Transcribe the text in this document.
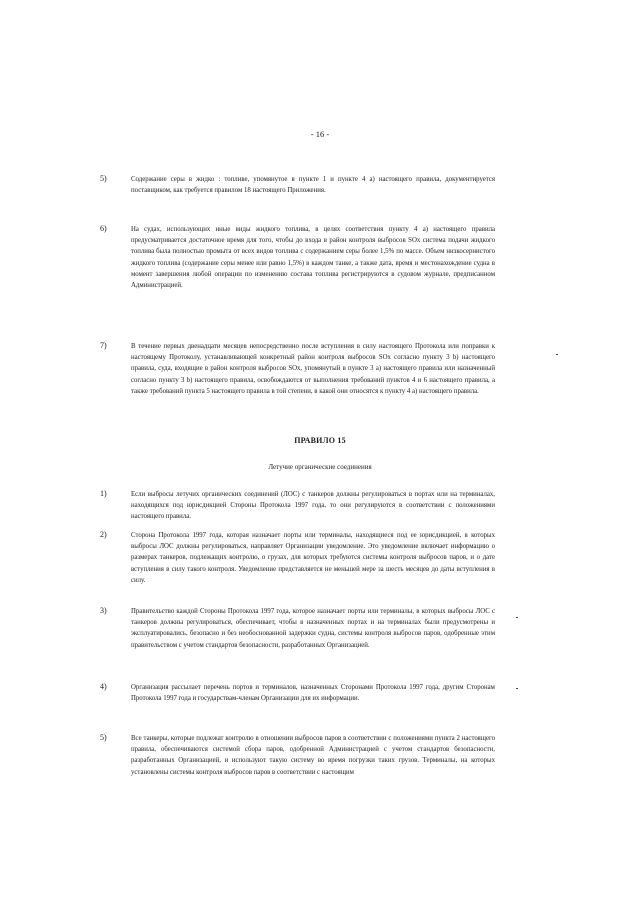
- 16 -
5)	Содержание серы в жидко : топливе, упомянутое в пункте 1 и пункте 4 а) настоящего правила, документируется поставщиком, как требуется правилом 18 настоящего Приложения.

6)	На судах, использующих иные виды жидкого топлива, в целях соответствия пункту 4 а) настоящего правила предусматривается достаточное время для того, чтобы до входа в район контроля выбросов SOx система подачи жидкого топлива была полностью промыта от всех видов топлива с содержанием серы более 1,5% по массе. Объем низкосернистого жидкого топлива (содержание серы менее или равно 1,5%) в каждом танке, а также дата, время и местонахождение судна в момент завершения любой операции по изменению состава топлива регистрируются в судовом журнале, предписанном Администрацией.

7)	В течение первых двенадцати месяцев непосредственно после вступления в силу настоящего Протокола или поправки к настоящему Протоколу, устанавливающей конкретный район контроля выбросов SOx согласно пункту 3 b) настоящего правила, суда, входящие в район контроля выбросов SOx, упомянутый в пункте 3 а) настоящего правила или назначенный согласно пункту 3 b) настоящего правила, освобождаются от выполнения требований пунктов 4 и 6 настоящего правила, а также требований пункта 5 настоящего правила в той степени, в какой они относятся к пункту 4 а) настоящего правила.

ПРАВИЛО 15
Летучие органические соединения
1)	Если выбросы летучих органических соединений (ЛОС) с танкеров должны регулироваться в портах или на терминалах, находящихся под юрисдикцией Стороны Протокола 1997 года, то они регулируются в соответствии с положениями настоящего правила.

2)	Сторона Протокола 1997 года, которая назначает порты или терминалы, находящиеся под ее юрисдикцией, в которых выбросы ЛОС должны регулироваться, направляет Организации уведомление. Это уведомление включает информацию о размерах танкеров, подлежащих контролю, о грузах, для которых требуются системы контроля выбросов паров, и о дате вступления в силу такого контроля. Уведомление представляется не меньшей мере за шесть месяцев до даты вступления в силу.

3)	Правительство каждой Стороны Протокола 1997 года, которое назначает порты или терминалы, в которых выбросы ЛОС с танкеров должны регулироваться, обеспечивает, чтобы в назначенных портах и на терминалах были предусмотрены и эксплуатировались, безопасно и без необоснованной задержки судна, системы контроля выбросов паров, одобренные этим правительством с учетом стандартов безопасности, разработанных Организацией.

4)	Организация рассылает перечень портов и терминалов, назначенных Сторонами Протокола 1997 года, другим Сторонам Протокола 1997 года и государствам-членам Организации для их информации.

5)	Все танкеры, которые подлежат контролю в отношении выбросов паров в соответствии с положениями пункта 2 настоящего правила, обеспечиваются системой сбора паров, одобренной Администрацией с учетом стандартов безопасности, разработанных Организацией, и используют такую систему во время погрузки таких грузов. Терминалы, на которых установлены системы контроля выбросов паров в соответствии с настоящим
